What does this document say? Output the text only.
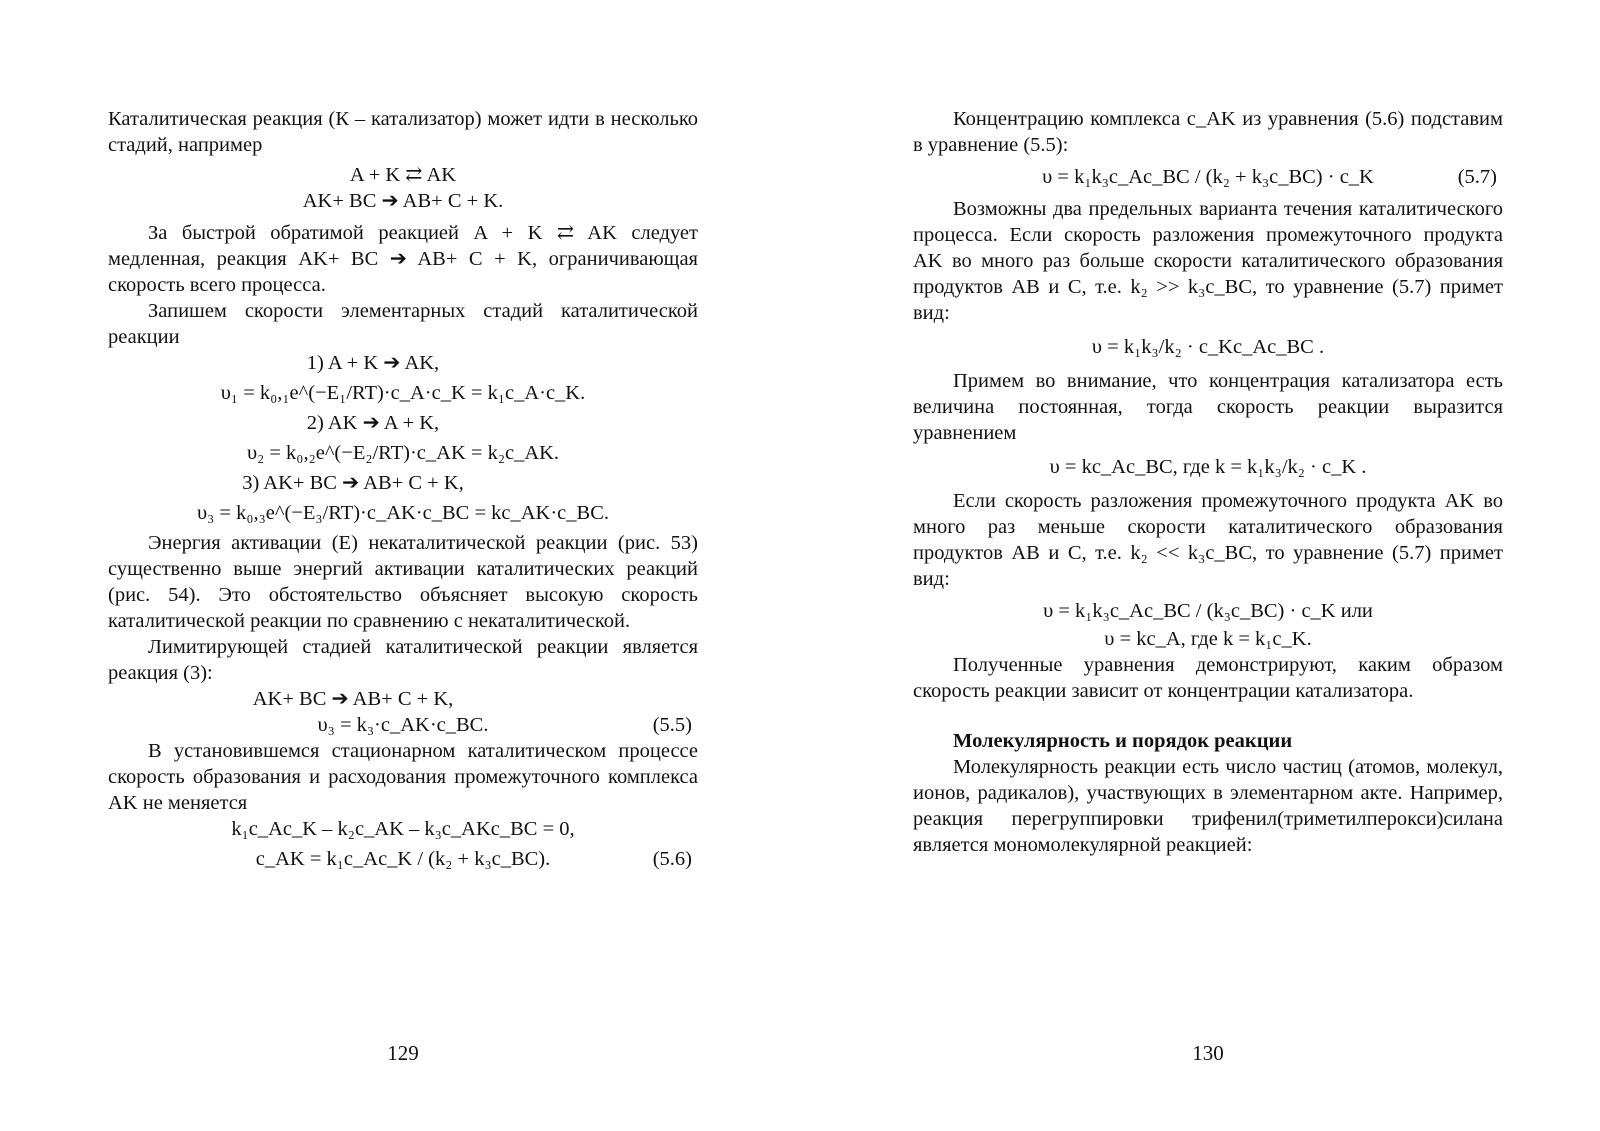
Каталитическая реакция (К – катализатор) может идти в несколько стадий, например

A + K ⇄ AK
AK+ BC ➔ AB+ C + K.

За быстрой обратимой реакцией A + K ⇄ AK следует медленная, реакция AK+ BC ➔ AB+ C + K, ограничивающая скорость всего процесса.

Запишем скорости элементарных стадий каталитической реакции

1) A + K ➔ AK,
υ₁ = k₀,₁e^(−E₁/RT)·c_A·c_K = k₁c_A·c_K.
2) AK ➔ A + K,
υ₂ = k₀,₂e^(−E₂/RT)·c_AK = k₂c_AK.
3) AK+ BC ➔ AB+ C + K,
υ₃ = k₀,₃e^(−E₃/RT)·c_AK·c_BC = kc_AK·c_BC.

Энергия активации (E) некаталитической реакции (рис. 53) существенно выше энергий активации каталитических реакций (рис. 54). Это обстоятельство объясняет высокую скорость каталитической реакции по сравнению с некаталитической.

Лимитирующей стадией каталитической реакции является реакция (3):

AK+ BC ➔ AB+ C + K,
υ₃ = k₃·c_AK·c_BC.	(5.5)

В установившемся стационарном каталитическом процессе скорость образования и расходования промежуточного комплекса AK не меняется

k₁c_Ac_K – k₂c_AK – k₃c_AKc_BC = 0,
c_AK = k₁c_Ac_K / (k₂ + k₃c_BC).	(5.6)
129

Концентрацию комплекса c_AK из уравнения (5.6) подставим в уравнение (5.5):

υ = k₁k₃c_Ac_BC / (k₂ + k₃c_BC) · c_K	(5.7)

Возможны два предельных варианта течения каталитического процесса. Если скорость разложения промежуточного продукта AK во много раз больше скорости каталитического образования продуктов AB и C, т.е. k₂ >> k₃c_BC, то уравнение (5.7) примет вид:

υ = k₁k₃/k₂ · c_Kc_Ac_BC .

Примем во внимание, что концентрация катализатора есть величина постоянная, тогда скорость реакции выразится уравнением

υ = kc_Ac_BC, где k = k₁k₃/k₂ · c_K .

Если скорость разложения промежуточного продукта AK во много раз меньше скорости каталитического образования продуктов AB и C, т.е. k₂ << k₃c_BC, то уравнение (5.7) примет вид:

υ = k₁k₃c_Ac_BC / (k₃c_BC) · c_K или
υ = kc_A, где k = k₁c_K.

Полученные уравнения демонстрируют, каким образом скорость реакции зависит от концентрации катализатора.

Молекулярность и порядок реакции

Молекулярность реакции есть число частиц (атомов, молекул, ионов, радикалов), участвующих в элементарном акте. Например, реакция перегруппировки трифенил(триметилперокси)силана является мономолекулярной реакцией:

130
